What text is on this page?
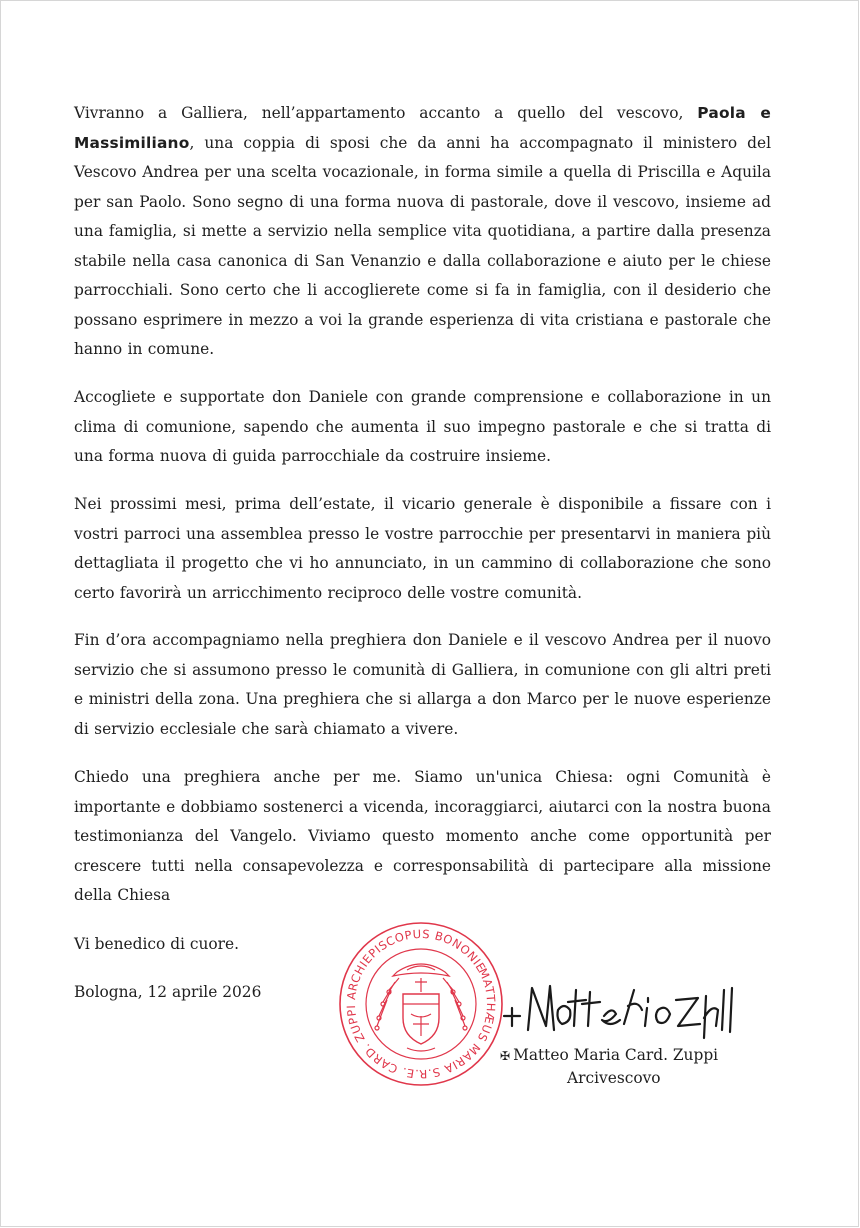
Vivranno a Galliera, nell’appartamento accanto a quello del vescovo, Paola e Massimiliano, una coppia di sposi che da anni ha accompagnato il ministero del Vescovo Andrea per una scelta vocazionale, in forma simile a quella di Priscilla e Aquila per san Paolo. Sono segno di una forma nuova di pastorale, dove il vescovo, insieme ad una famiglia, si mette a servizio nella semplice vita quotidiana, a partire dalla presenza stabile nella casa canonica di San Venanzio e dalla collaborazione e aiuto per le chiese parrocchiali. Sono certo che li accoglierete come si fa in famiglia, con il desiderio che possano esprimere in mezzo a voi la grande esperienza di vita cristiana e pastorale che hanno in comune.

Accogliete e supportate don Daniele con grande comprensione e collaborazione in un clima di comunione, sapendo che aumenta il suo impegno pastorale e che si tratta di una forma nuova di guida parrocchiale da costruire insieme.

Nei prossimi mesi, prima dell’estate, il vicario generale è disponibile a fissare con i vostri parroci una assemblea presso le vostre parrocchie per presentarvi in maniera più dettagliata il progetto che vi ho annunciato, in un cammino di collaborazione che sono certo favorirà un arricchimento reciproco delle vostre comunità.

Fin d’ora accompagniamo nella preghiera don Daniele e il vescovo Andrea per il nuovo servizio che si assumono presso le comunità di Galliera, in comunione con gli altri preti e ministri della zona. Una preghiera che si allarga a don Marco per le nuove esperienze di servizio ecclesiale che sarà chiamato a vivere.

Chiedo una preghiera anche per me. Siamo un'unica Chiesa: ogni Comunità è importante e dobbiamo sostenerci a vicenda, incoraggiarci, aiutarci con la nostra buona testimonianza del Vangelo. Viviamo questo momento anche come opportunità per crescere tutti nella consapevolezza e corresponsabilità di partecipare alla missione della Chiesa

Vi benedico di cuore.

Bologna, 12 aprile 2026

MATTHÆUS MARIA S.R.E. CARD. ZUPPI ARCHIEPISCOPUS BONONIENSIS
✠ Matteo Maria Card. Zuppi
Arcivescovo
